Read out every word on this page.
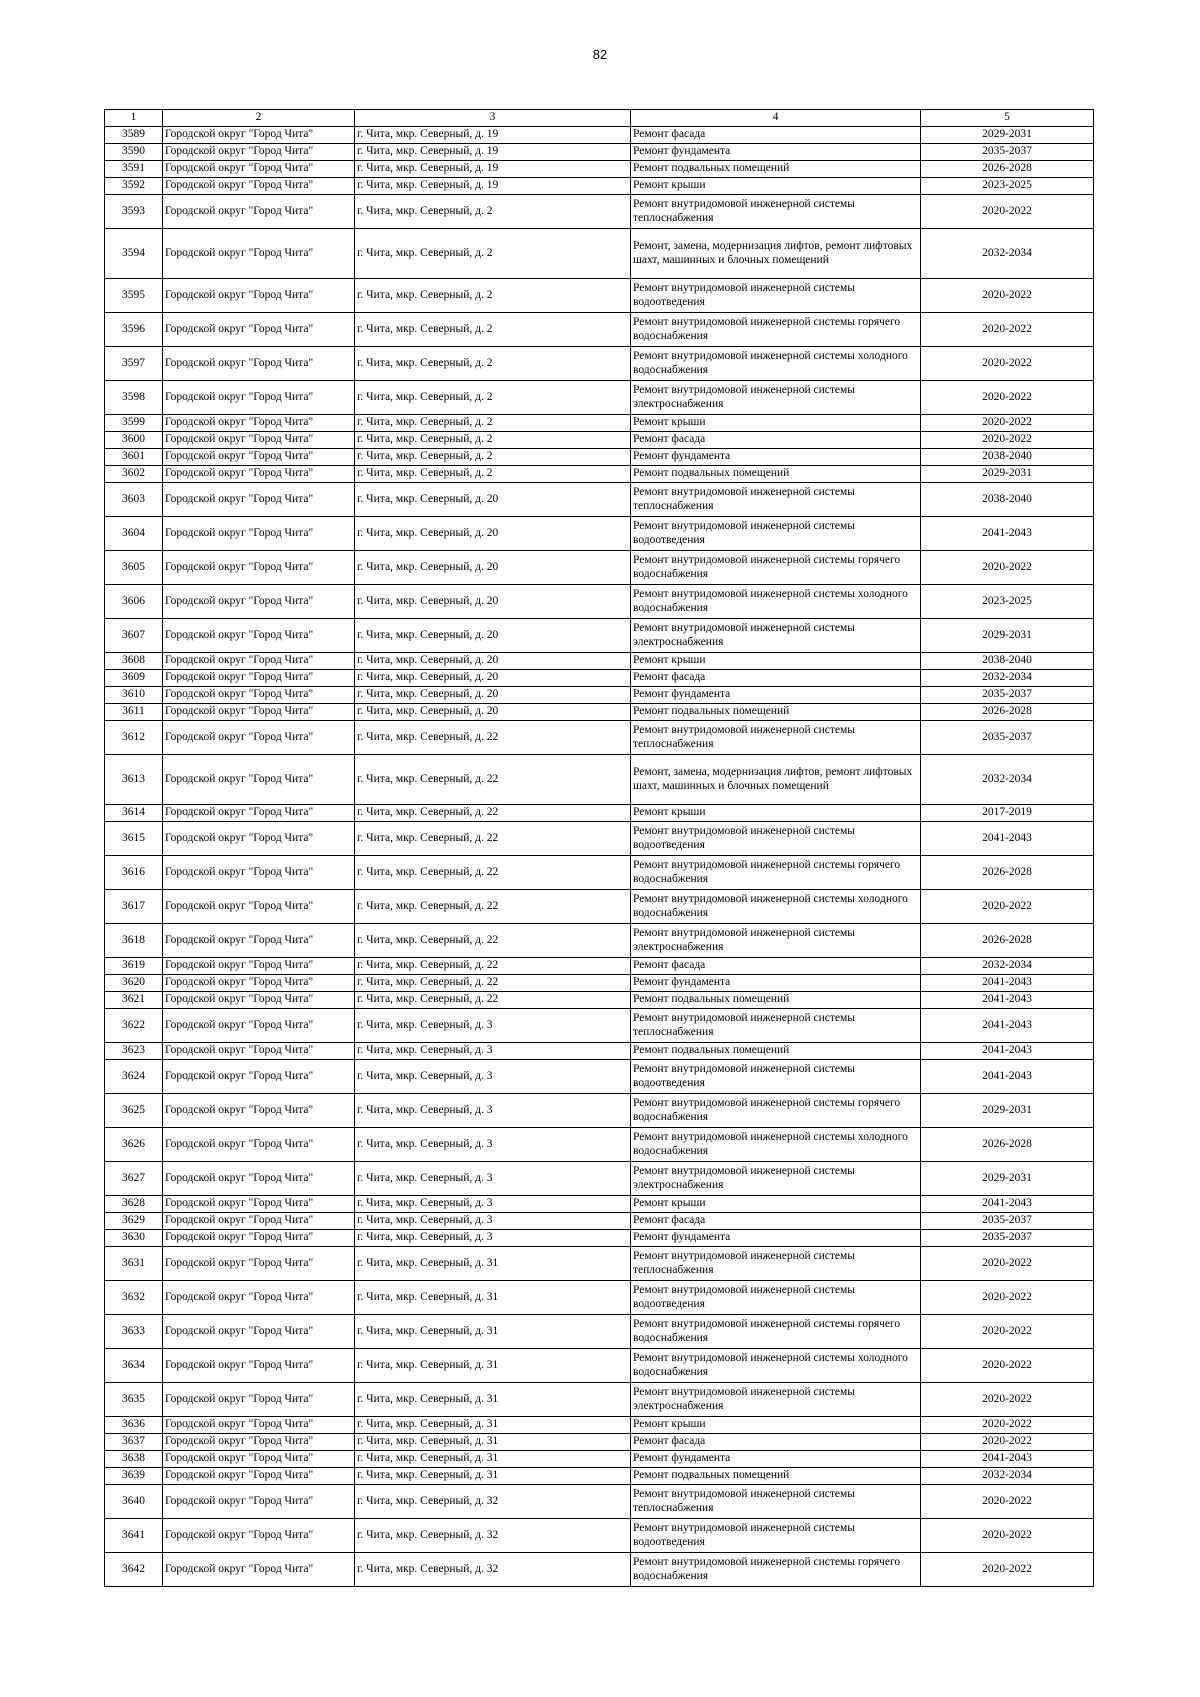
82
1	2	3	4	5
3589	Городской округ "Город Чита"	г. Чита, мкр. Северный, д. 19	Ремонт фасада	2029-2031
3590	Городской округ "Город Чита"	г. Чита, мкр. Северный, д. 19	Ремонт фундамента	2035-2037
3591	Городской округ "Город Чита"	г. Чита, мкр. Северный, д. 19	Ремонт подвальных помещений	2026-2028
3592	Городской округ "Город Чита"	г. Чита, мкр. Северный, д. 19	Ремонт крыши	2023-2025
3593	Городской округ "Город Чита"	г. Чита, мкр. Северный, д. 2	Ремонт внутридомовой инженерной системы теплоснабжения	2020-2022
3594	Городской округ "Город Чита"	г. Чита, мкр. Северный, д. 2	Ремонт, замена, модернизация лифтов, ремонт лифтовых шахт, машинных и блочных помещений	2032-2034
3595	Городской округ "Город Чита"	г. Чита, мкр. Северный, д. 2	Ремонт внутридомовой инженерной системы водоотведения	2020-2022
3596	Городской округ "Город Чита"	г. Чита, мкр. Северный, д. 2	Ремонт внутридомовой инженерной системы горячего водоснабжения	2020-2022
3597	Городской округ "Город Чита"	г. Чита, мкр. Северный, д. 2	Ремонт внутридомовой инженерной системы холодного водоснабжения	2020-2022
3598	Городской округ "Город Чита"	г. Чита, мкр. Северный, д. 2	Ремонт внутридомовой инженерной системы электроснабжения	2020-2022
3599	Городской округ "Город Чита"	г. Чита, мкр. Северный, д. 2	Ремонт крыши	2020-2022
3600	Городской округ "Город Чита"	г. Чита, мкр. Северный, д. 2	Ремонт фасада	2020-2022
3601	Городской округ "Город Чита"	г. Чита, мкр. Северный, д. 2	Ремонт фундамента	2038-2040
3602	Городской округ "Город Чита"	г. Чита, мкр. Северный, д. 2	Ремонт подвальных помещений	2029-2031
3603	Городской округ "Город Чита"	г. Чита, мкр. Северный, д. 20	Ремонт внутридомовой инженерной системы теплоснабжения	2038-2040
3604	Городской округ "Город Чита"	г. Чита, мкр. Северный, д. 20	Ремонт внутридомовой инженерной системы водоотведения	2041-2043
3605	Городской округ "Город Чита"	г. Чита, мкр. Северный, д. 20	Ремонт внутридомовой инженерной системы горячего водоснабжения	2020-2022
3606	Городской округ "Город Чита"	г. Чита, мкр. Северный, д. 20	Ремонт внутридомовой инженерной системы холодного водоснабжения	2023-2025
3607	Городской округ "Город Чита"	г. Чита, мкр. Северный, д. 20	Ремонт внутридомовой инженерной системы электроснабжения	2029-2031
3608	Городской округ "Город Чита"	г. Чита, мкр. Северный, д. 20	Ремонт крыши	2038-2040
3609	Городской округ "Город Чита"	г. Чита, мкр. Северный, д. 20	Ремонт фасада	2032-2034
3610	Городской округ "Город Чита"	г. Чита, мкр. Северный, д. 20	Ремонт фундамента	2035-2037
3611	Городской округ "Город Чита"	г. Чита, мкр. Северный, д. 20	Ремонт подвальных помещений	2026-2028
3612	Городской округ "Город Чита"	г. Чита, мкр. Северный, д. 22	Ремонт внутридомовой инженерной системы теплоснабжения	2035-2037
3613	Городской округ "Город Чита"	г. Чита, мкр. Северный, д. 22	Ремонт, замена, модернизация лифтов, ремонт лифтовых шахт, машинных и блочных помещений	2032-2034
3614	Городской округ "Город Чита"	г. Чита, мкр. Северный, д. 22	Ремонт крыши	2017-2019
3615	Городской округ "Город Чита"	г. Чита, мкр. Северный, д. 22	Ремонт внутридомовой инженерной системы водоотведения	2041-2043
3616	Городской округ "Город Чита"	г. Чита, мкр. Северный, д. 22	Ремонт внутридомовой инженерной системы горячего водоснабжения	2026-2028
3617	Городской округ "Город Чита"	г. Чита, мкр. Северный, д. 22	Ремонт внутридомовой инженерной системы холодного водоснабжения	2020-2022
3618	Городской округ "Город Чита"	г. Чита, мкр. Северный, д. 22	Ремонт внутридомовой инженерной системы электроснабжения	2026-2028
3619	Городской округ "Город Чита"	г. Чита, мкр. Северный, д. 22	Ремонт фасада	2032-2034
3620	Городской округ "Город Чита"	г. Чита, мкр. Северный, д. 22	Ремонт фундамента	2041-2043
3621	Городской округ "Город Чита"	г. Чита, мкр. Северный, д. 22	Ремонт подвальных помещений	2041-2043
3622	Городской округ "Город Чита"	г. Чита, мкр. Северный, д. 3	Ремонт внутридомовой инженерной системы теплоснабжения	2041-2043
3623	Городской округ "Город Чита"	г. Чита, мкр. Северный, д. 3	Ремонт подвальных помещений	2041-2043
3624	Городской округ "Город Чита"	г. Чита, мкр. Северный, д. 3	Ремонт внутридомовой инженерной системы водоотведения	2041-2043
3625	Городской округ "Город Чита"	г. Чита, мкр. Северный, д. 3	Ремонт внутридомовой инженерной системы горячего водоснабжения	2029-2031
3626	Городской округ "Город Чита"	г. Чита, мкр. Северный, д. 3	Ремонт внутридомовой инженерной системы холодного водоснабжения	2026-2028
3627	Городской округ "Город Чита"	г. Чита, мкр. Северный, д. 3	Ремонт внутридомовой инженерной системы электроснабжения	2029-2031
3628	Городской округ "Город Чита"	г. Чита, мкр. Северный, д. 3	Ремонт крыши	2041-2043
3629	Городской округ "Город Чита"	г. Чита, мкр. Северный, д. 3	Ремонт фасада	2035-2037
3630	Городской округ "Город Чита"	г. Чита, мкр. Северный, д. 3	Ремонт фундамента	2035-2037
3631	Городской округ "Город Чита"	г. Чита, мкр. Северный, д. 31	Ремонт внутридомовой инженерной системы теплоснабжения	2020-2022
3632	Городской округ "Город Чита"	г. Чита, мкр. Северный, д. 31	Ремонт внутридомовой инженерной системы водоотведения	2020-2022
3633	Городской округ "Город Чита"	г. Чита, мкр. Северный, д. 31	Ремонт внутридомовой инженерной системы горячего водоснабжения	2020-2022
3634	Городской округ "Город Чита"	г. Чита, мкр. Северный, д. 31	Ремонт внутридомовой инженерной системы холодного водоснабжения	2020-2022
3635	Городской округ "Город Чита"	г. Чита, мкр. Северный, д. 31	Ремонт внутридомовой инженерной системы электроснабжения	2020-2022
3636	Городской округ "Город Чита"	г. Чита, мкр. Северный, д. 31	Ремонт крыши	2020-2022
3637	Городской округ "Город Чита"	г. Чита, мкр. Северный, д. 31	Ремонт фасада	2020-2022
3638	Городской округ "Город Чита"	г. Чита, мкр. Северный, д. 31	Ремонт фундамента	2041-2043
3639	Городской округ "Город Чита"	г. Чита, мкр. Северный, д. 31	Ремонт подвальных помещений	2032-2034
3640	Городской округ "Город Чита"	г. Чита, мкр. Северный, д. 32	Ремонт внутридомовой инженерной системы теплоснабжения	2020-2022
3641	Городской округ "Город Чита"	г. Чита, мкр. Северный, д. 32	Ремонт внутридомовой инженерной системы водоотведения	2020-2022
3642	Городской округ "Город Чита"	г. Чита, мкр. Северный, д. 32	Ремонт внутридомовой инженерной системы горячего водоснабжения	2020-2022
